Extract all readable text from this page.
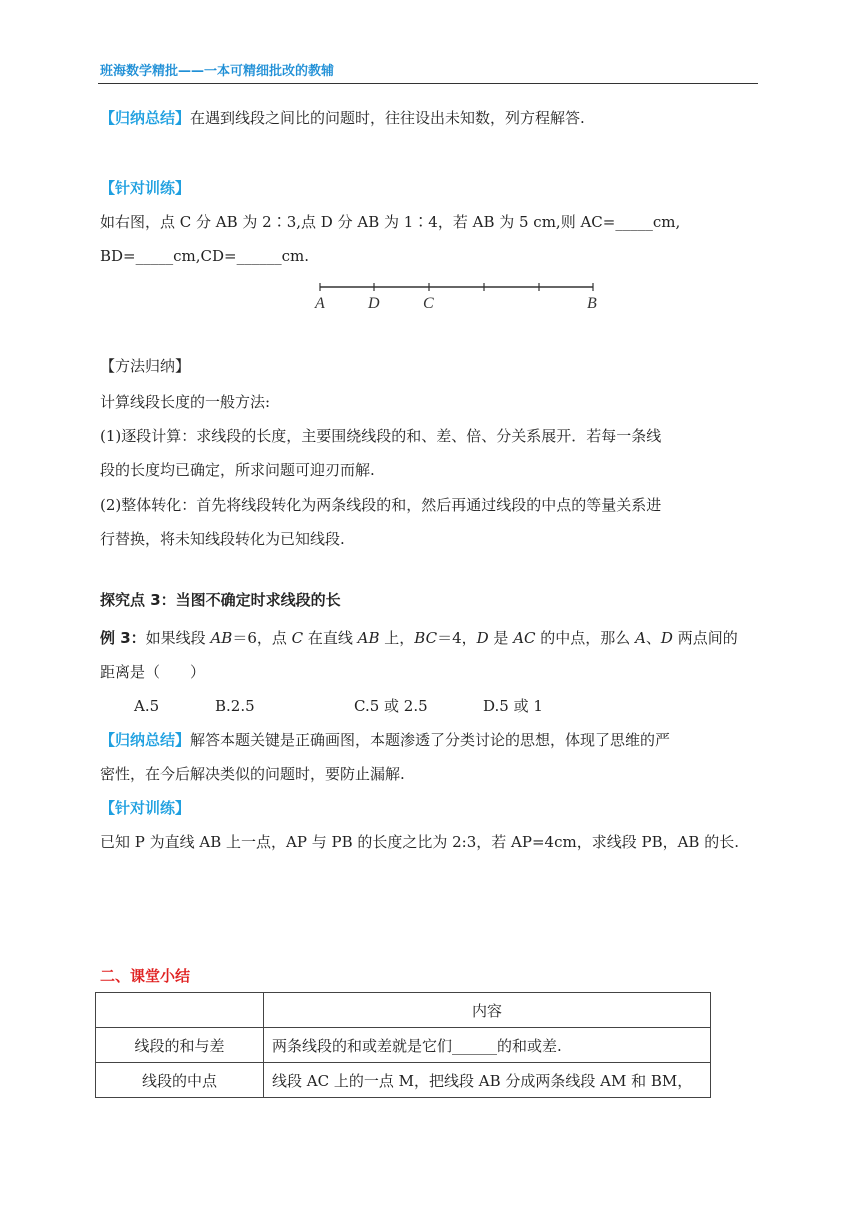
班海数学精批——一本可精细批改的教辅
【归纳总结】在遇到线段之间比的问题时，往往设出未知数，列方程解答.
【针对训练】
如右图，点 C 分 AB 为 2∶3,点 D 分 AB 为 1∶4，若 AB 为 5 cm,则 AC=_____cm,
BD=_____cm,CD=______cm.
A	D	C	B
【方法归纳】
计算线段长度的一般方法:
(1)逐段计算：求线段的长度，主要围绕线段的和、差、倍、分关系展开．若每一条线
段的长度均已确定，所求问题可迎刃而解.
(2)整体转化：首先将线段转化为两条线段的和，然后再通过线段的中点的等量关系进
行替换，将未知线段转化为已知线段.
探究点 3：当图不确定时求线段的长
例 3：如果线段 AB＝6，点 C 在直线 AB 上，BC＝4，D 是 AC 的中点，那么 A、D 两点间的
距离是（　　）
A.5	B.2.5	C.5 或 2.5	D.5 或 1
【归纳总结】解答本题关键是正确画图，本题渗透了分类讨论的思想，体现了思维的严
密性，在今后解决类似的问题时，要防止漏解.
【针对训练】
已知 P 为直线 AB 上一点，AP 与 PB 的长度之比为 2:3，若 AP=4cm，求线段 PB，AB 的长.
二、课堂小结
	内容
线段的和与差	两条线段的和或差就是它们______的和或差.
线段的中点	线段 AC 上的一点 M，把线段 AB 分成两条线段 AM 和 BM，
